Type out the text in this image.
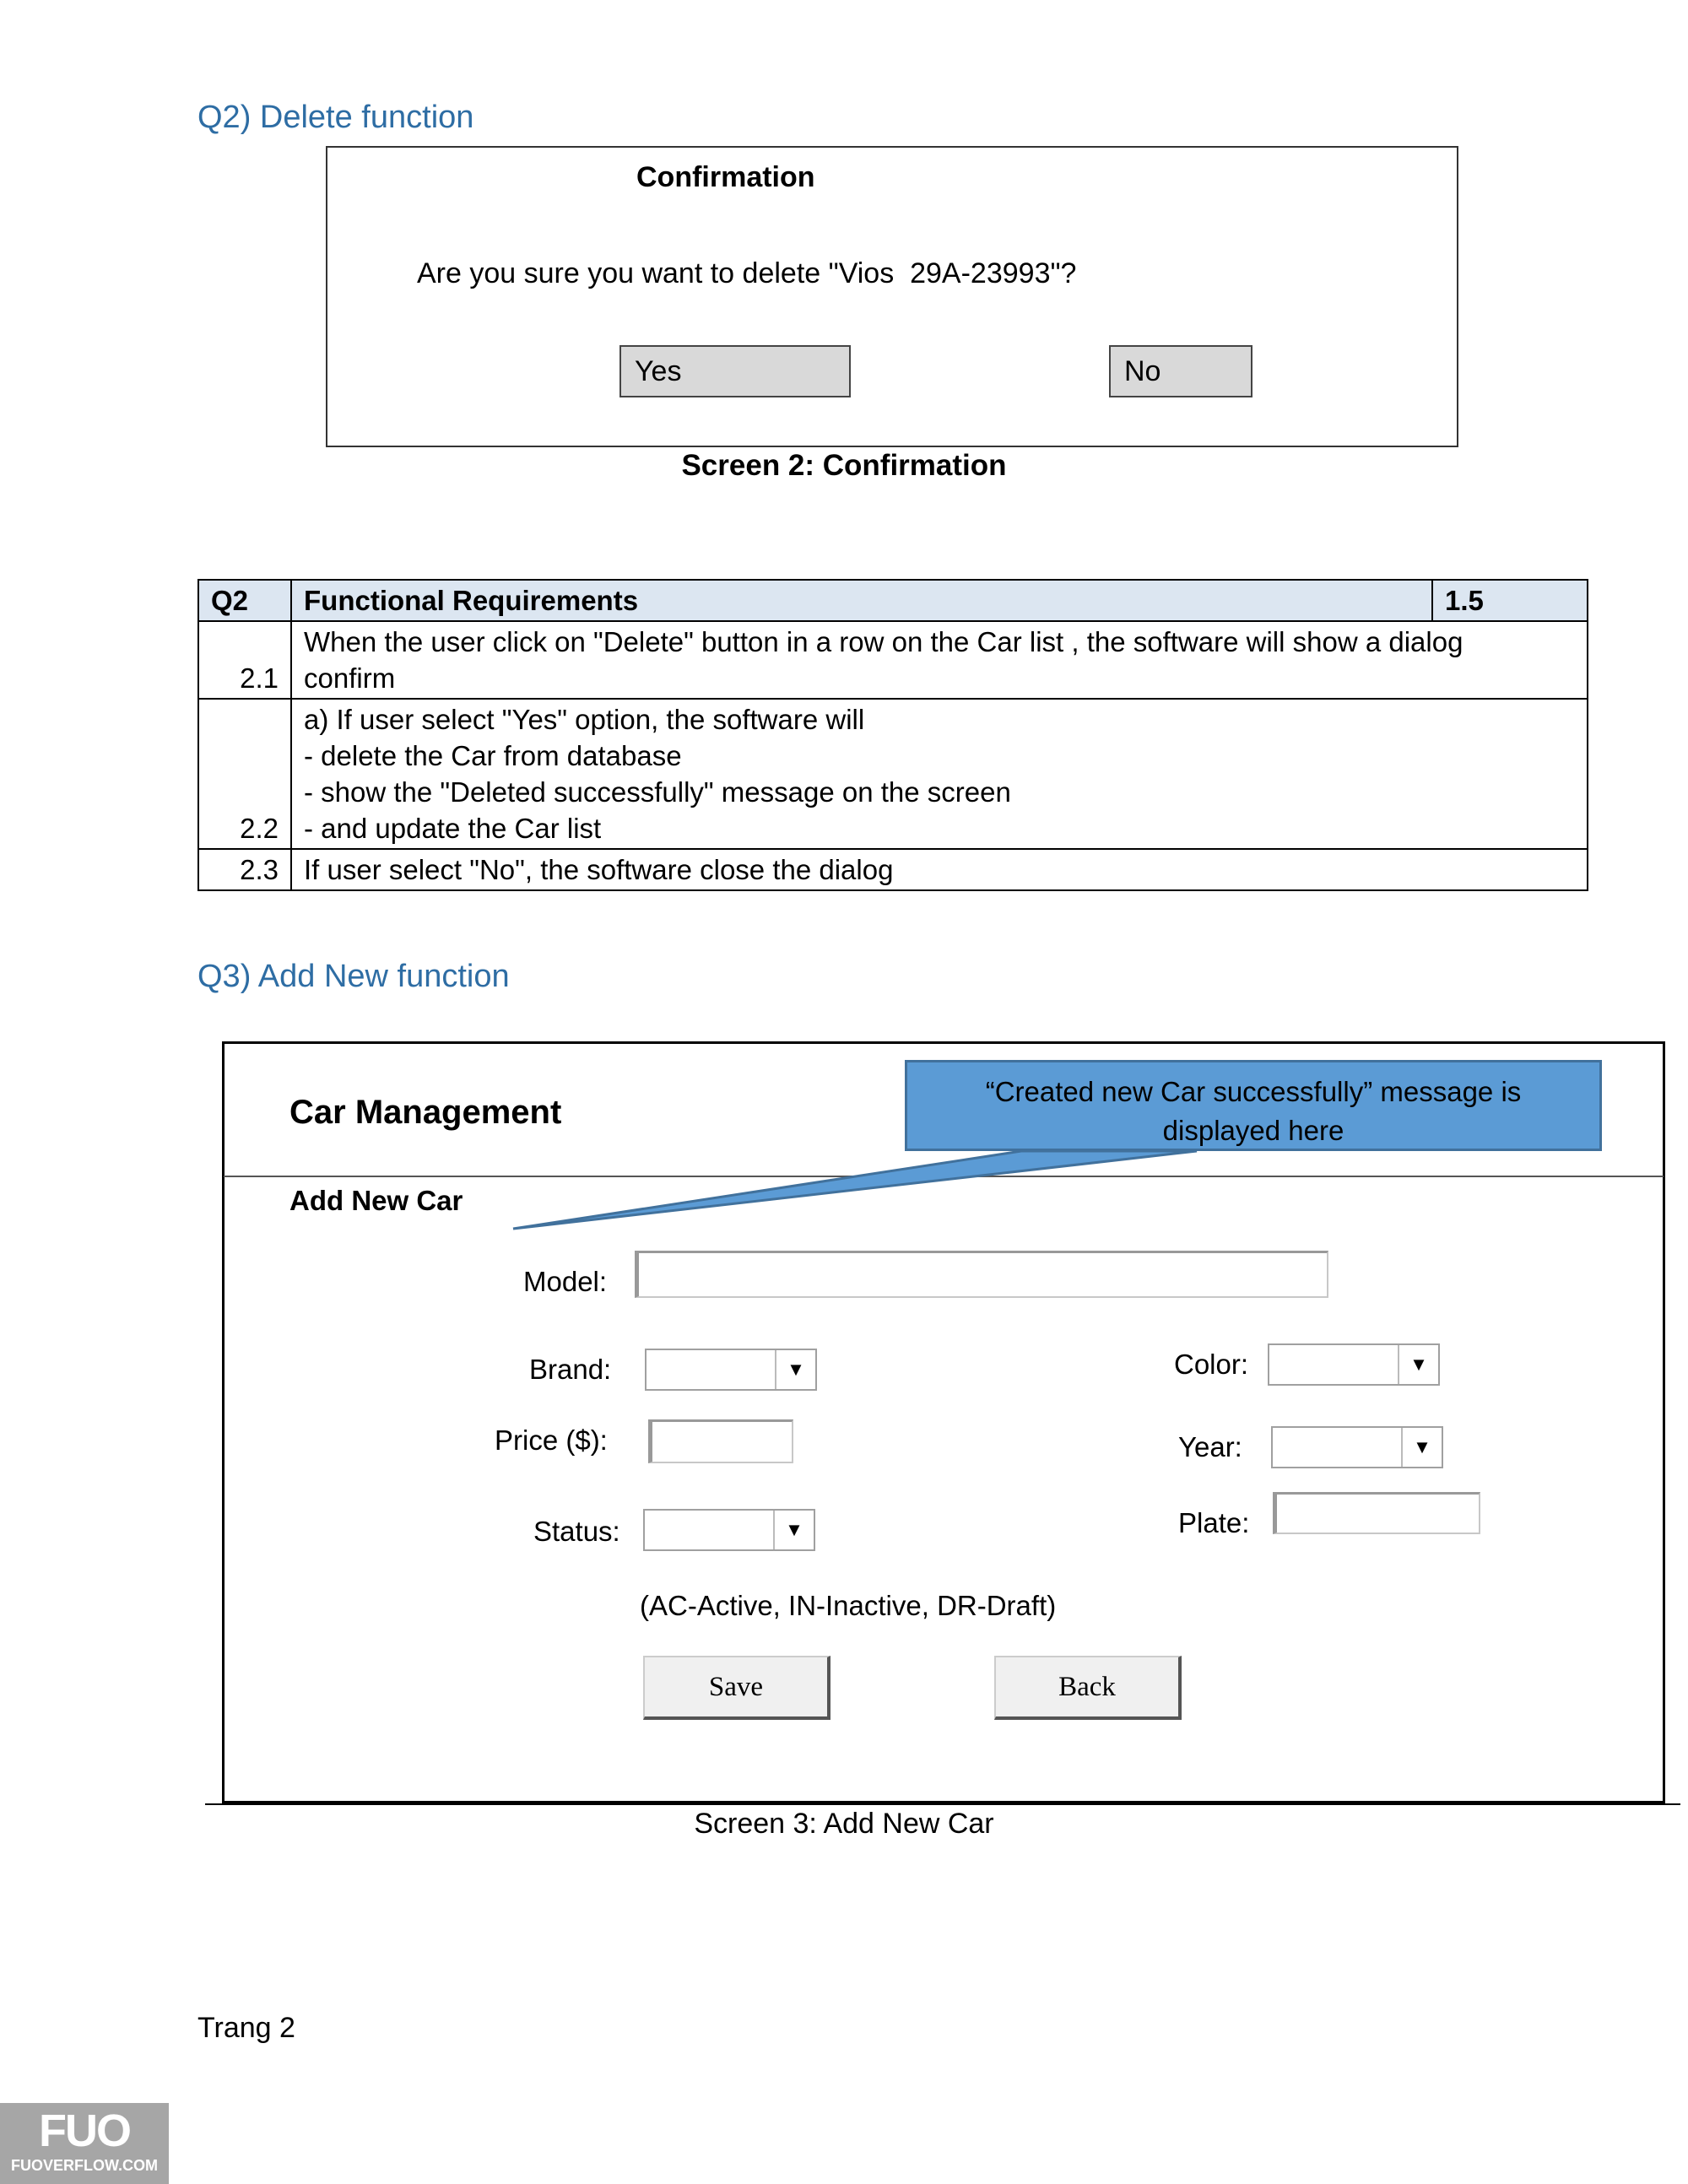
Q2) Delete function
Confirmation
Are you sure you want to delete "Vios  29A-23993"?
Yes	No
Screen 2: Confirmation
Q2	Functional Requirements	1.5
2.1	When the user click on "Delete" button in a row on the Car list , the software will show a dialog
confirm	

2.2	a) If user select "Yes" option, the software will
- delete the Car from database
- show the "Deleted successfully" message on the screen
- and update the Car list	

2.3	If user select "No", the software close the dialog	
Q3) Add New function
Car Management
Add New Car
“Created new Car successfully” message is displayed here
Model:
Brand:	▼
Price ($):
Status:	▼
Color:	▼
Year:	▼
Plate:
(AC-Active, IN-Inactive, DR-Draft)
Save	Back
Screen 3: Add New Car
Trang 2
FUO
FUOVERFLOW.COM
